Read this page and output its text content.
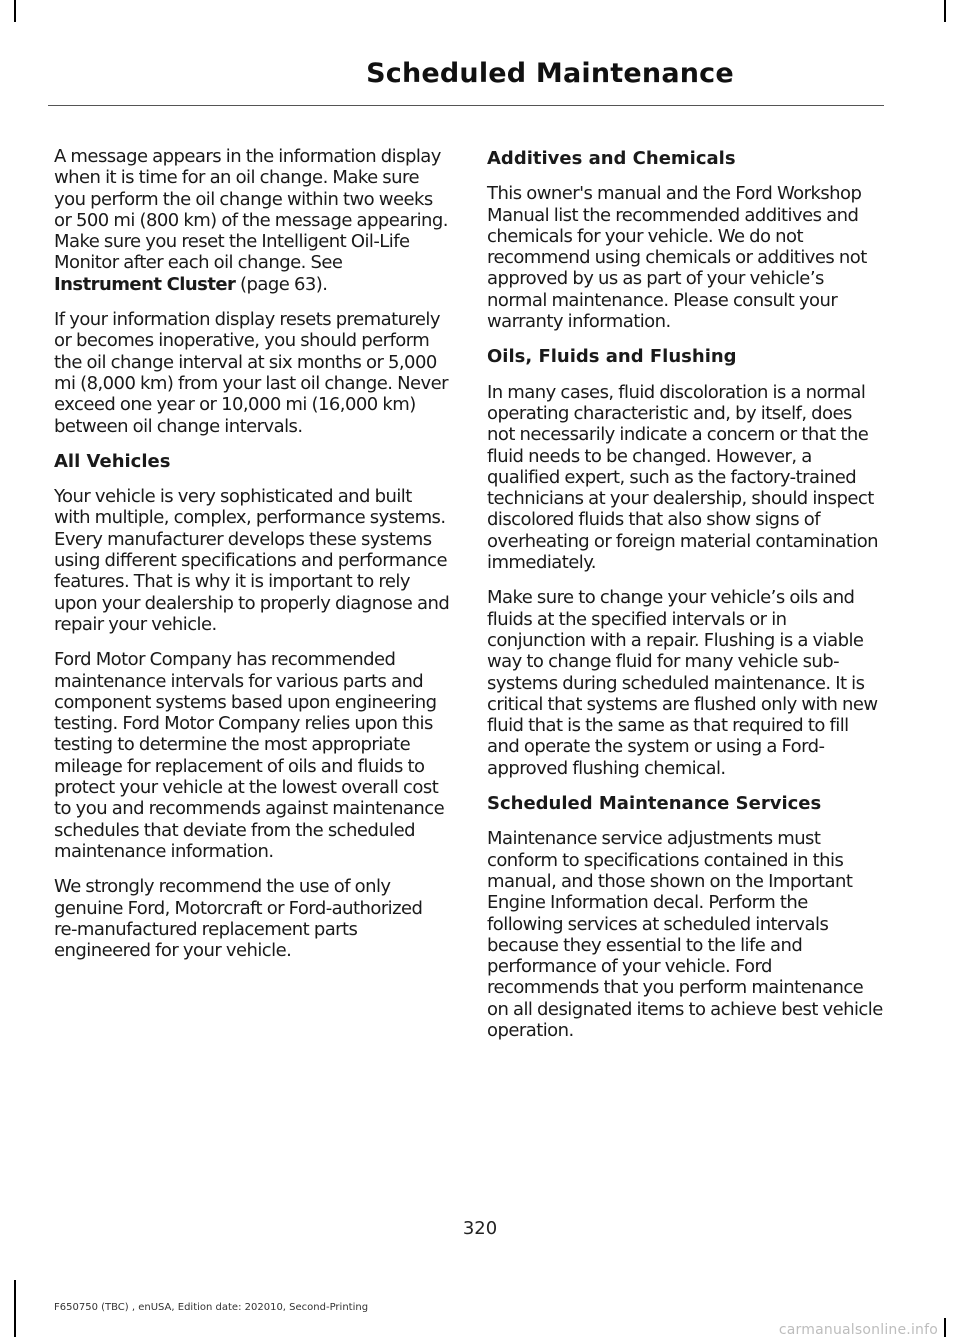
Scheduled Maintenance

A message appears in the information display when it is time for an oil change. Make sure you perform the oil change within two weeks or 500 mi (800 km) of the message appearing. Make sure you reset the Intelligent Oil-Life Monitor after each oil change. See Instrument Cluster (page 63).

If your information display resets prematurely or becomes inoperative, you should perform the oil change interval at six months or 5,000 mi (8,000 km) from your last oil change. Never exceed one year or 10,000 mi (16,000 km) between oil change intervals.

All Vehicles

Your vehicle is very sophisticated and built with multiple, complex, performance systems. Every manufacturer develops these systems using different specifications and performance features. That is why it is important to rely upon your dealership to properly diagnose and repair your vehicle.

Ford Motor Company has recommended maintenance intervals for various parts and component systems based upon engineering testing. Ford Motor Company relies upon this testing to determine the most appropriate mileage for replacement of oils and fluids to protect your vehicle at the lowest overall cost to you and recommends against maintenance schedules that deviate from the scheduled maintenance information.

We strongly recommend the use of only genuine Ford, Motorcraft or Ford-authorized re-manufactured replacement parts engineered for your vehicle.

Additives and Chemicals

This owner's manual and the Ford Workshop Manual list the recommended additives and chemicals for your vehicle. We do not recommend using chemicals or additives not approved by us as part of your vehicle’s normal maintenance. Please consult your warranty information.

Oils, Fluids and Flushing

In many cases, fluid discoloration is a normal operating characteristic and, by itself, does not necessarily indicate a concern or that the fluid needs to be changed. However, a qualified expert, such as the factory-trained technicians at your dealership, should inspect discolored fluids that also show signs of overheating or foreign material contamination immediately.

Make sure to change your vehicle’s oils and fluids at the specified intervals or in conjunction with a repair. Flushing is a viable way to change fluid for many vehicle sub-systems during scheduled maintenance. It is critical that systems are flushed only with new fluid that is the same as that required to fill and operate the system or using a Ford-approved flushing chemical.

Scheduled Maintenance Services

Maintenance service adjustments must conform to specifications contained in this manual, and those shown on the Important Engine Information decal. Perform the following services at scheduled intervals because they essential to the life and performance of your vehicle. Ford recommends that you perform maintenance on all designated items to achieve best vehicle operation.

320
F650750 (TBC) , enUSA, Edition date: 202010, Second-Printing
carmanualsonline.info
